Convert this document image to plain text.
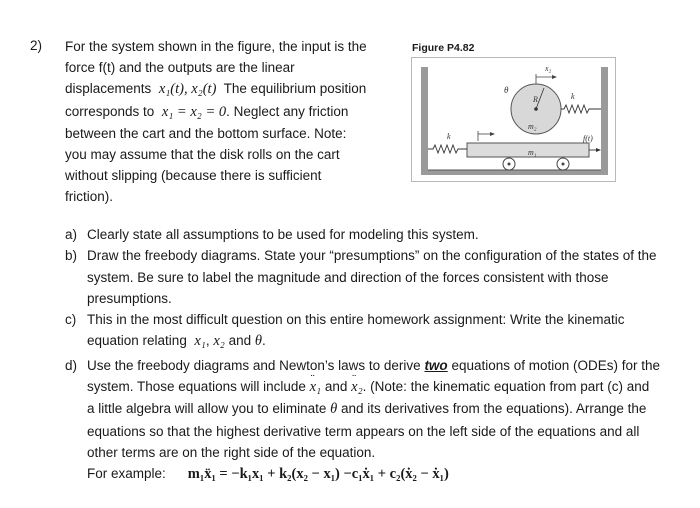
2) For the system shown in the figure, the input is the
force f(t) and the outputs are the linear
displacements x₁(t), x₂(t) The equilibrium position
corresponds to x₁ = x₂ = 0. Neglect any friction
between the cart and the bottom surface. Note:
you may assume that the disk rolls on the cart
without slipping (because there is sufficient
friction).
Figure P4.82
x₂
θ
R
m₂
k
k
m₁
f(t)
a) Clearly state all assumptions to be used for modeling this system.
b) Draw the freebody diagrams. State your “presumptions” on the configuration of the states of the
system. Be sure to label the magnitude and direction of the forces consistent with those
presumptions.
c) This in the most difficult question on this entire homework assignment: Write the kinematic
equation relating x₁, x₂ and θ.
d) Use the freebody diagrams and Newton’s laws to derive two equations of motion (ODEs) for the
system. Those equations will include x₁ ¨ and x₂ ¨. (Note: the kinematic equation from part (c) and
a little algebra will allow you to eliminate θ and its derivatives from the equations). Arrange the
equations so that the highest derivative term appears on the left side of the equations and all
other terms are on the right side of the equation.
For example: m₁ẍ₁ = −k₁x₁ + k₂(x₂ − x₁) −c₁ẋ₁ + c₂(ẋ₂ − ẋ₁)
